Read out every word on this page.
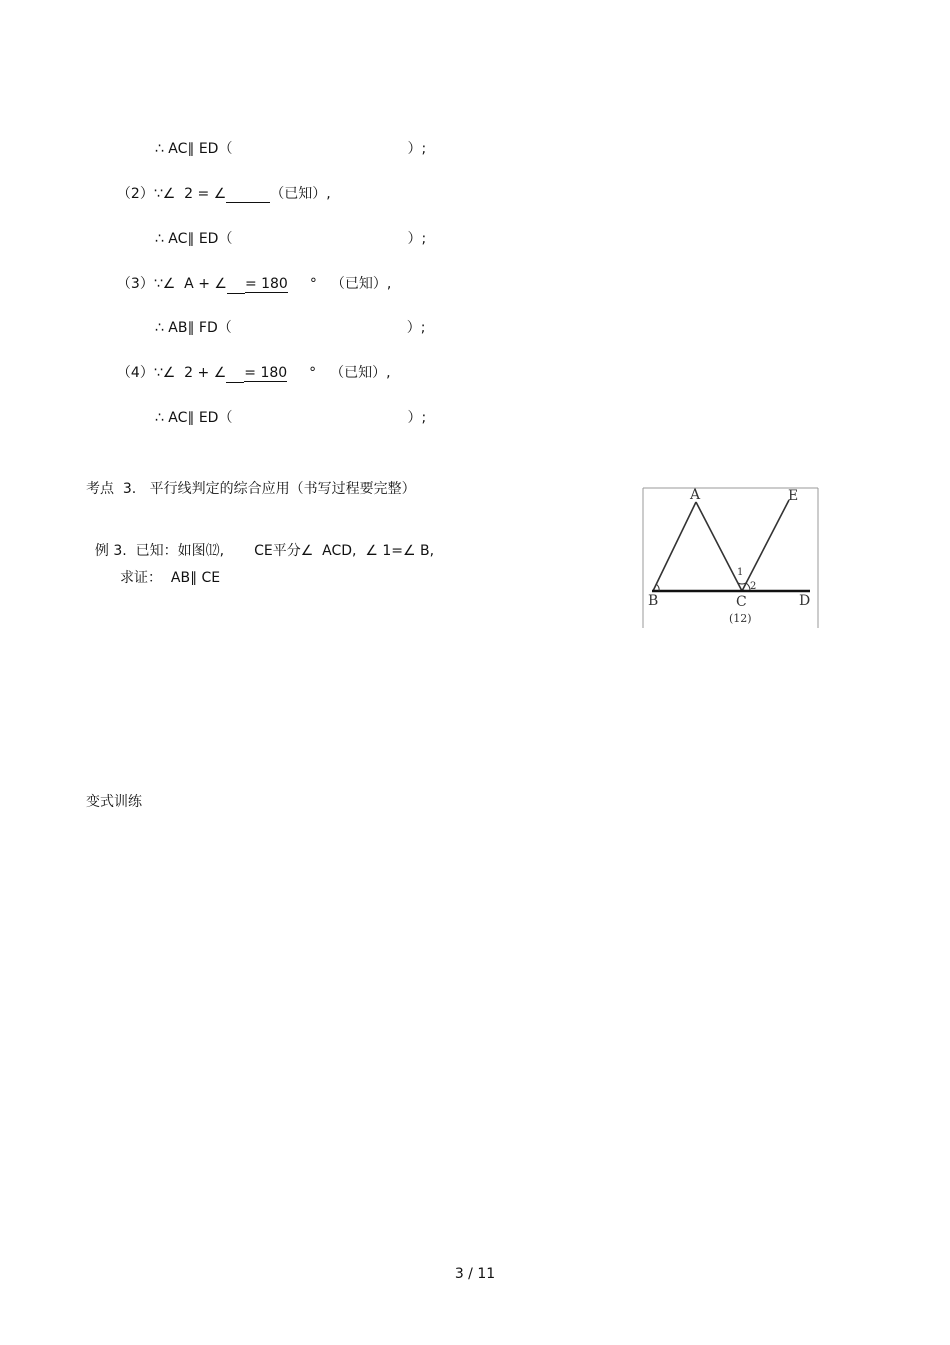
∴ AC∥ ED（	）;

（2）∵∠  2 = ∠	（已知）,

∴ AC∥ ED（	）;

（3）∵∠  A + ∠ = 180 ° （已知）,

∴ AB∥ FD（	）;

（4）∵∠  2 + ∠ = 180 ° （已知）,

∴ AC∥ ED（	）;

考点  3.   平行线判定的综合应用（书写过程要完整）

例 3.  已知：如图⑿, CE平分∠  ACD,  ∠ 1=∠ B,

求证：  AB∥ CE
A	E
B	C	D
1
2
(12)
变式训练
3 / 11
